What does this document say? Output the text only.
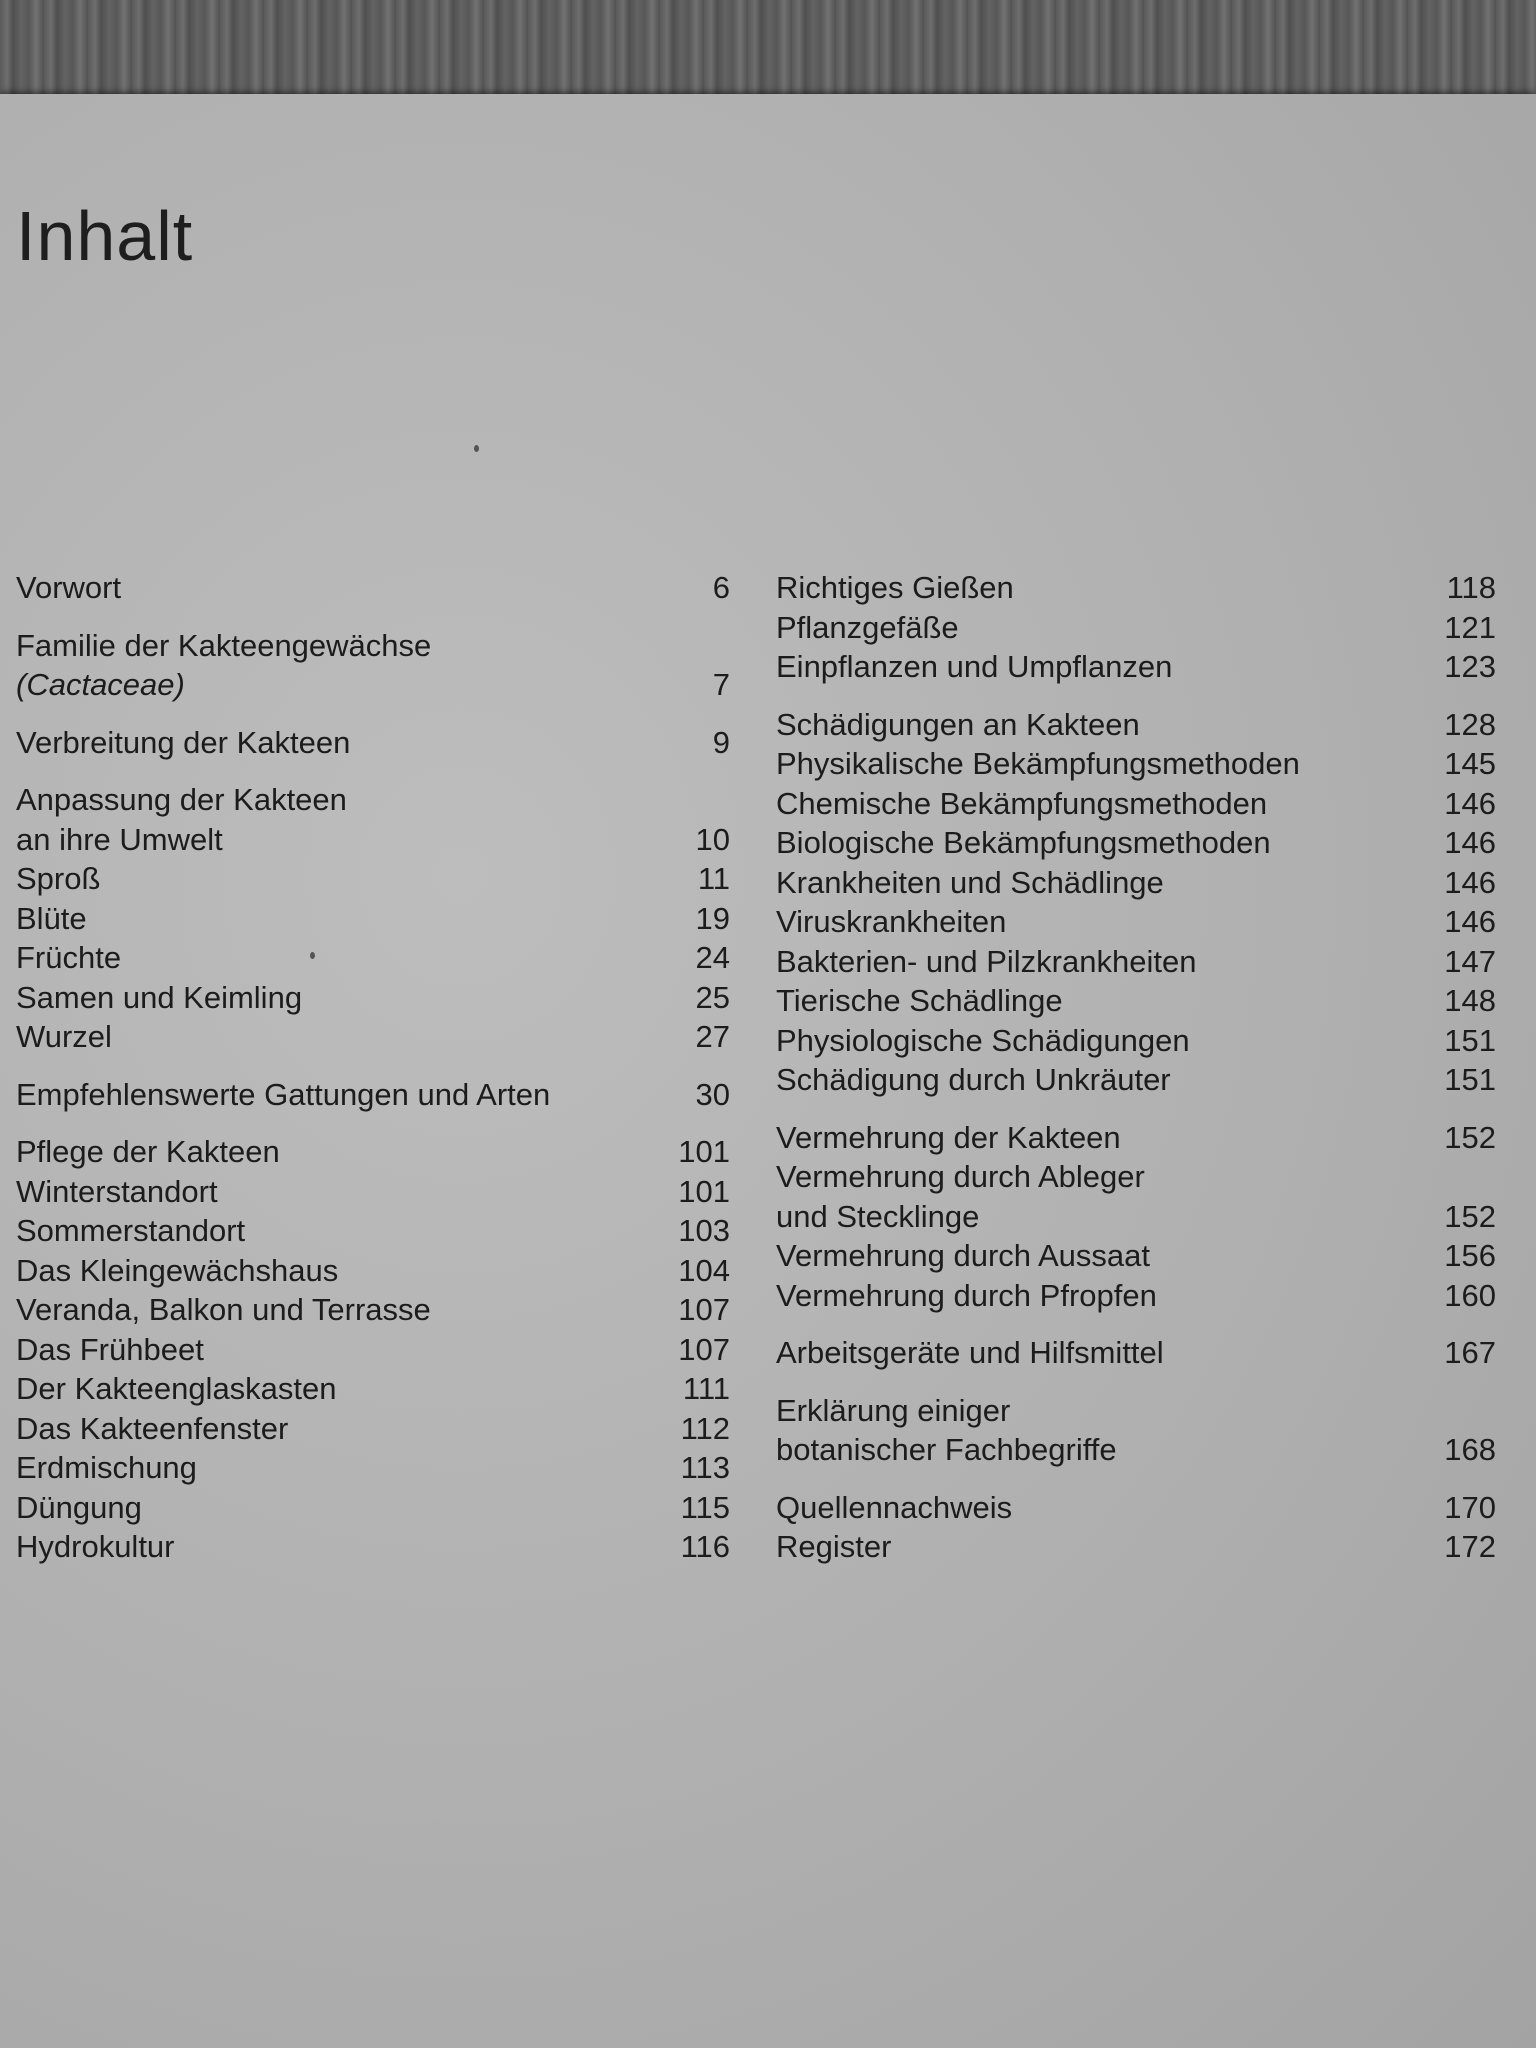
Inhalt
Vorwort	6
Familie der Kakteengewächse
(Cactaceae)	7
Verbreitung der Kakteen	9
Anpassung der Kakteen
an ihre Umwelt	10
Sproß	11
Blüte	19
Früchte	24
Samen und Keimling	25
Wurzel	27
Empfehlenswerte Gattungen und Arten	30
Pflege der Kakteen	101
Winterstandort	101
Sommerstandort	103
Das Kleingewächshaus	104
Veranda, Balkon und Terrasse	107
Das Frühbeet	107
Der Kakteenglaskasten	111
Das Kakteenfenster	112
Erdmischung	113
Düngung	115
Hydrokultur	116
Richtiges Gießen	118
Pflanzgefäße	121
Einpflanzen und Umpflanzen	123
Schädigungen an Kakteen	128
Physikalische Bekämpfungsmethoden	145
Chemische Bekämpfungsmethoden	146
Biologische Bekämpfungsmethoden	146
Krankheiten und Schädlinge	146
Viruskrankheiten	146
Bakterien- und Pilzkrankheiten	147
Tierische Schädlinge	148
Physiologische Schädigungen	151
Schädigung durch Unkräuter	151
Vermehrung der Kakteen	152
Vermehrung durch Ableger
und Stecklinge	152
Vermehrung durch Aussaat	156
Vermehrung durch Pfropfen	160
Arbeitsgeräte und Hilfsmittel	167
Erklärung einiger
botanischer Fachbegriffe	168
Quellennachweis	170
Register	172
